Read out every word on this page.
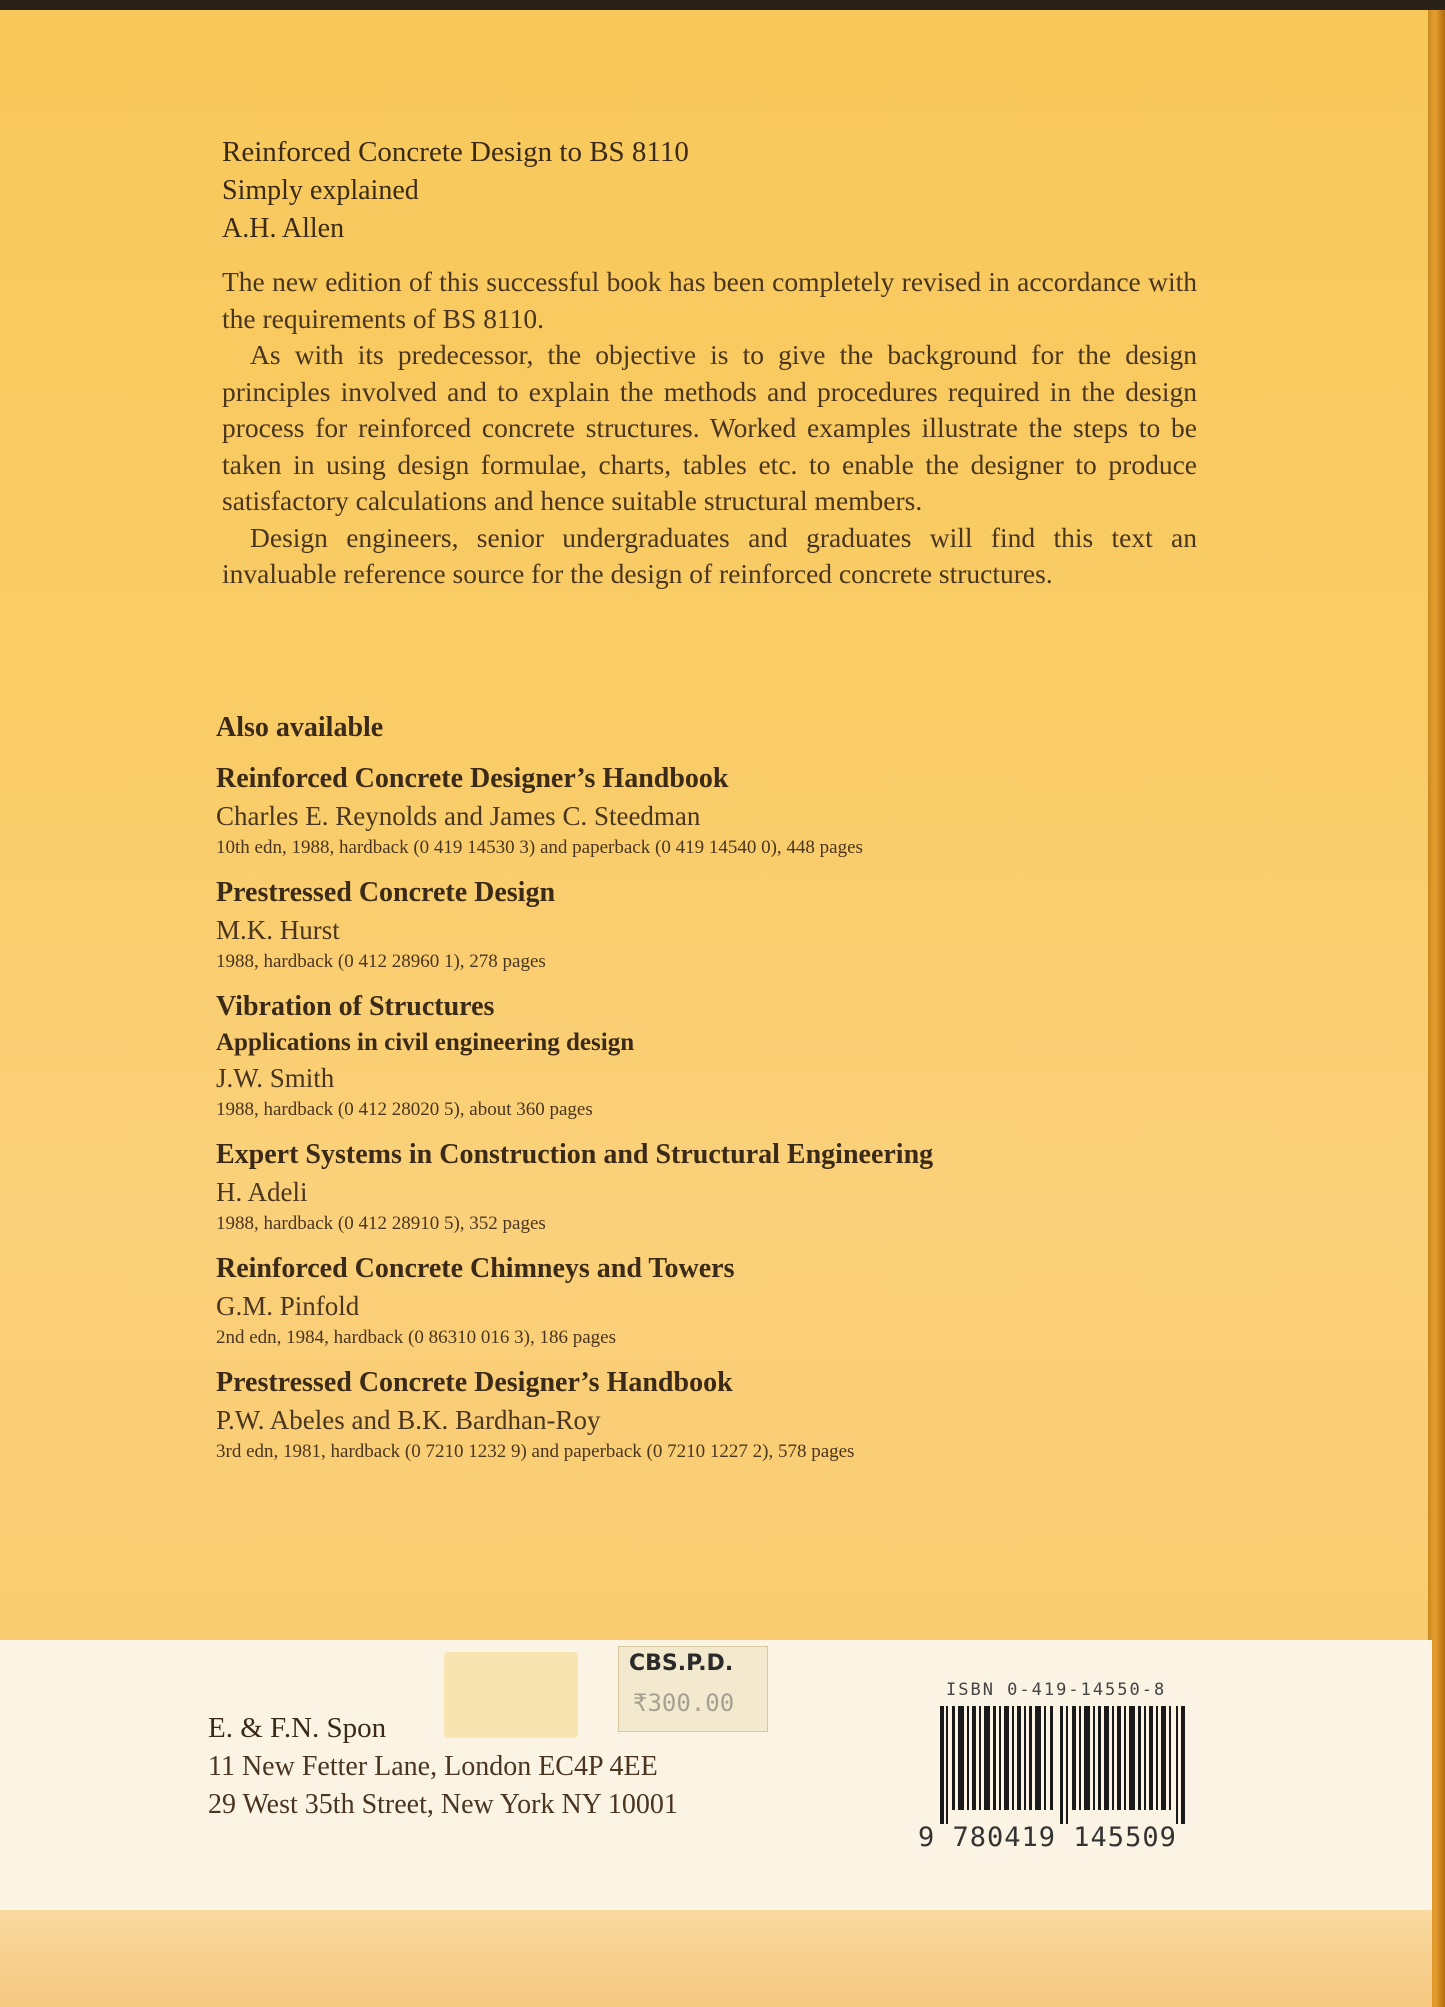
Reinforced Concrete Design to BS 8110
Simply explained
A.H. Allen

The new edition of this successful book has been completely revised in accordance with the requirements of BS 8110.

As with its predecessor, the objective is to give the background for the design principles involved and to explain the methods and procedures required in the design process for reinforced concrete structures. Worked examples illustrate the steps to be taken in using design formulae, charts, tables etc. to enable the designer to produce satisfactory calculations and hence suitable structural members.

Design engineers, senior undergraduates and graduates will find this text an invaluable reference source for the design of reinforced concrete structures.

Also available
Reinforced Concrete Designer’s Handbook
Charles E. Reynolds and James C. Steedman
10th edn, 1988, hardback (0 419 14530 3) and paperback (0 419 14540 0), 448 pages
Prestressed Concrete Design
M.K. Hurst
1988, hardback (0 412 28960 1), 278 pages
Vibration of Structures
Applications in civil engineering design
J.W. Smith
1988, hardback (0 412 28020 5), about 360 pages
Expert Systems in Construction and Structural Engineering
H. Adeli
1988, hardback (0 412 28910 5), 352 pages
Reinforced Concrete Chimneys and Towers
G.M. Pinfold
2nd edn, 1984, hardback (0 86310 016 3), 186 pages
Prestressed Concrete Designer’s Handbook
P.W. Abeles and B.K. Bardhan-Roy
3rd edn, 1981, hardback (0 7210 1232 9) and paperback (0 7210 1227 2), 578 pages
CBS.P.D.
₹300.00
E. & F.N. Spon
11 New Fetter Lane, London EC4P 4EE
29 West 35th Street, New York NY 10001
ISBN 0-419-14550-8
9 780419 145509
